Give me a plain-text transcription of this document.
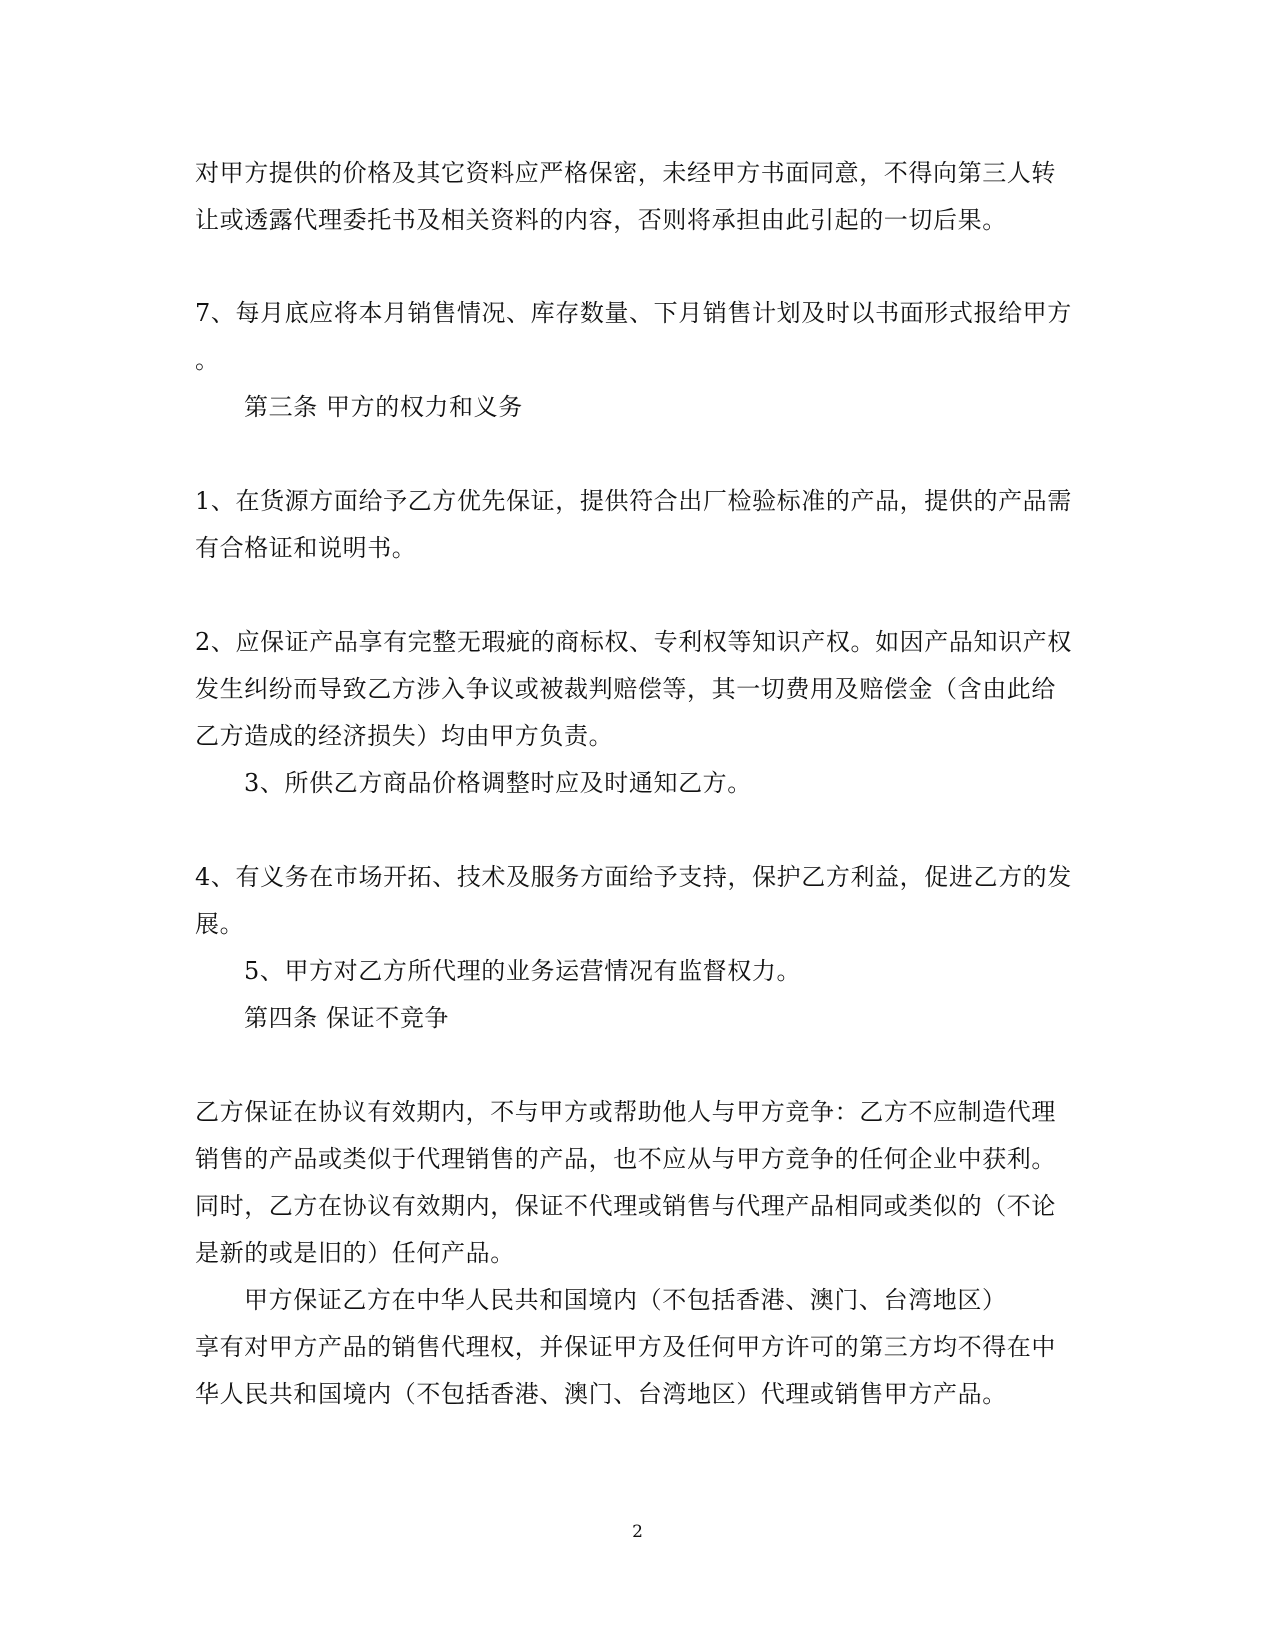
对甲方提供的价格及其它资料应严格保密，未经甲方书面同意，不得向第三人转
让或透露代理委托书及相关资料的内容，否则将承担由此引起的一切后果。
7、每月底应将本月销售情况、库存数量、下月销售计划及时以书面形式报给甲方
。
第三条 甲方的权力和义务
1、在货源方面给予乙方优先保证，提供符合出厂检验标准的产品，提供的产品需
有合格证和说明书。
2、应保证产品享有完整无瑕疵的商标权、专利权等知识产权。如因产品知识产权
发生纠纷而导致乙方涉入争议或被裁判赔偿等，其一切费用及赔偿金（含由此给
乙方造成的经济损失）均由甲方负责。
3、所供乙方商品价格调整时应及时通知乙方。
4、有义务在市场开拓、技术及服务方面给予支持，保护乙方利益，促进乙方的发
展。
5、甲方对乙方所代理的业务运营情况有监督权力。
第四条 保证不竞争
乙方保证在协议有效期内，不与甲方或帮助他人与甲方竞争：乙方不应制造代理
销售的产品或类似于代理销售的产品，也不应从与甲方竞争的任何企业中获利。
同时，乙方在协议有效期内，保证不代理或销售与代理产品相同或类似的（不论
是新的或是旧的）任何产品。
甲方保证乙方在中华人民共和国境内（不包括香港、澳门、台湾地区）
享有对甲方产品的销售代理权，并保证甲方及任何甲方许可的第三方均不得在中
华人民共和国境内（不包括香港、澳门、台湾地区）代理或销售甲方产品。
2
